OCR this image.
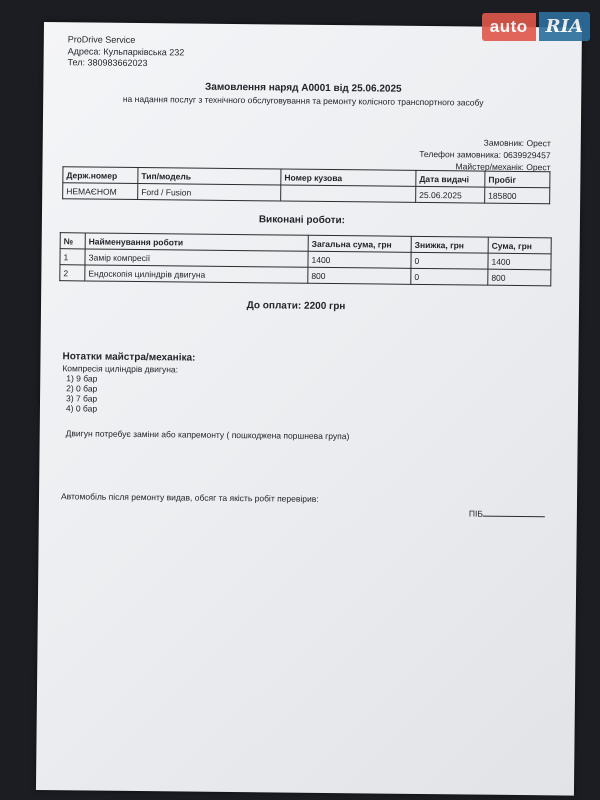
ProDrive Service
Адреса: Кульпарківська 232
Тел: 380983662023
Замовлення наряд А0001 від 25.06.2025
на надання послуг з технічного обслуговування та ремонту колісного транспортного засобу
Замовник: Орест
Телефон замовника: 0639929457
Майстер/механік: Орест
Держ.номер	Тип/модель	Номер кузова	Дата видачі	Пробіг
НЕМАЄНОМ	Ford / Fusion		25.06.2025	185800
Виконані роботи:
№	Найменування роботи	Загальна сума, грн	Знижка, грн	Сума, грн
1	Замір компресії	1400	0	1400
2	Ендоскопія циліндрів двигуна	800	0	800
До оплати: 2200 грн
Нотатки майстра/механіка:
Компресія циліндрів двигуна:
1) 9 бар
2) 0 бар
3) 7 бар
4) 0 бар
Двигун потребує заміни або капремонту ( пошкоджена поршнева група)
Автомобіль після ремонту видав, обсяг та якість робіт перевірив:
ПІБ
auto	RIA
